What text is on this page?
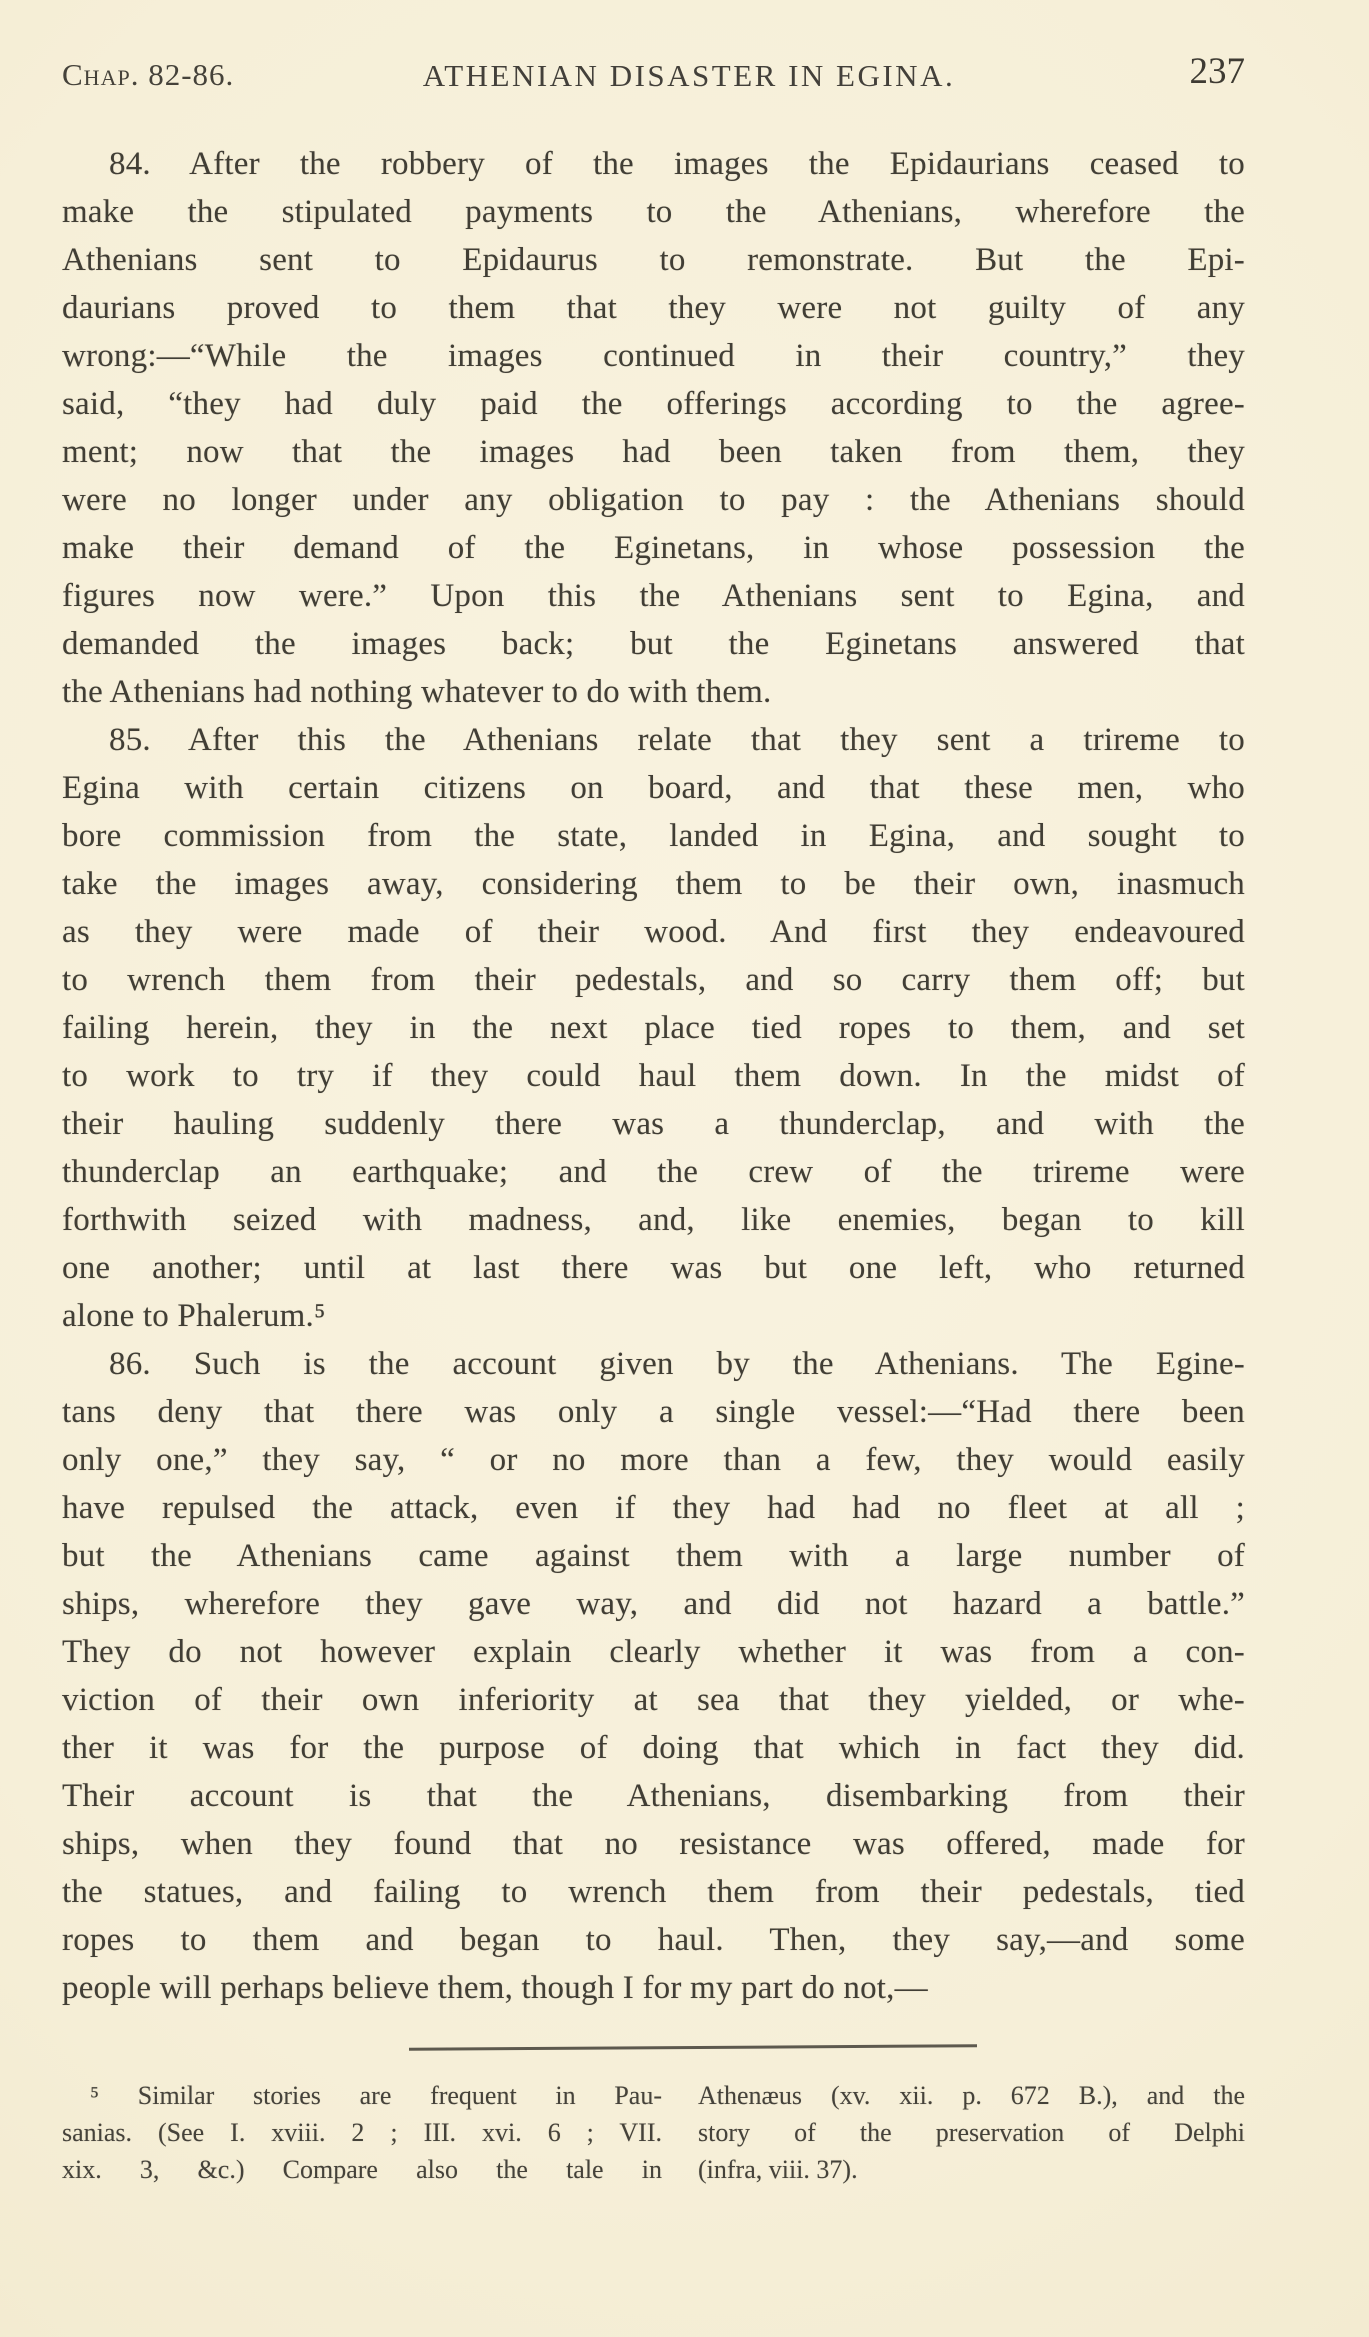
Chap. 82-86.	ATHENIAN DISASTER IN EGINA.	237
84. After the robbery of the images the Epidaurians ceased to
make the stipulated payments to the Athenians, wherefore the
Athenians sent to Epidaurus to remonstrate. But the Epi-
daurians proved to them that they were not guilty of any
wrong:—“While the images continued in their country,” they
said, “they had duly paid the offerings according to the agree-
ment; now that the images had been taken from them, they
were no longer under any obligation to pay : the Athenians should
make their demand of the Eginetans, in whose possession the
figures now were.” Upon this the Athenians sent to Egina, and
demanded the images back; but the Eginetans answered that
the Athenians had nothing whatever to do with them.
85. After this the Athenians relate that they sent a trireme to
Egina with certain citizens on board, and that these men, who
bore commission from the state, landed in Egina, and sought to
take the images away, considering them to be their own, inasmuch
as they were made of their wood. And first they endeavoured
to wrench them from their pedestals, and so carry them off; but
failing herein, they in the next place tied ropes to them, and set
to work to try if they could haul them down. In the midst of
their hauling suddenly there was a thunderclap, and with the
thunderclap an earthquake; and the crew of the trireme were
forthwith seized with madness, and, like enemies, began to kill
one another; until at last there was but one left, who returned
alone to Phalerum.⁵
86. Such is the account given by the Athenians. The Egine-
tans deny that there was only a single vessel:—“Had there been
only one,” they say, “ or no more than a few, they would easily
have repulsed the attack, even if they had had no fleet at all ;
but the Athenians came against them with a large number of
ships, wherefore they gave way, and did not hazard a battle.”
They do not however explain clearly whether it was from a con-
viction of their own inferiority at sea that they yielded, or whe-
ther it was for the purpose of doing that which in fact they did.
Their account is that the Athenians, disembarking from their
ships, when they found that no resistance was offered, made for
the statues, and failing to wrench them from their pedestals, tied
ropes to them and began to haul. Then, they say,—and some
people will perhaps believe them, though I for my part do not,—
⁵ Similar stories are frequent in Pau-
sanias. (See I. xviii. 2 ; III. xvi. 6 ; VII.
xix. 3, &c.) Compare also the tale in
Athenæus (xv. xii. p. 672 B.), and the
story of the preservation of Delphi
(infra, viii. 37).
